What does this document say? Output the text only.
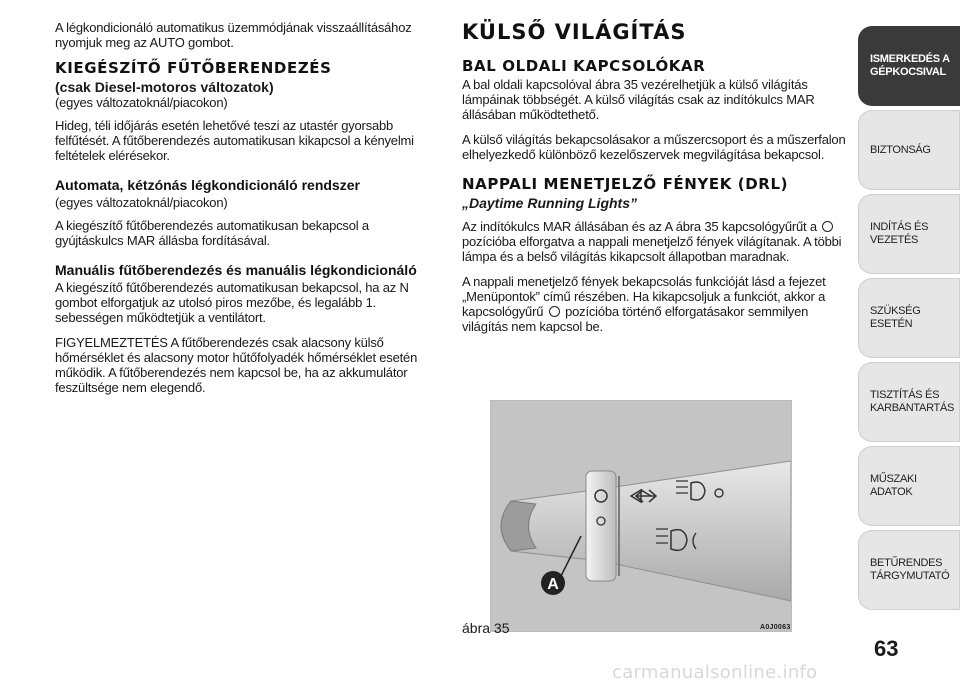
A légkondicionáló automatikus üzemmódjának visszaállításához nyomjuk meg az AUTO gombot.

KIEGÉSZÍTŐ FŰTŐBERENDEZÉS
(csak Diesel-motoros változatok)

(egyes változatoknál/piacokon)

Hideg, téli időjárás esetén lehetővé teszi az utastér gyorsabb felfűtését. A fűtőberendezés automatikusan kikapcsol a kényelmi feltételek elérésekor.

Automata, kétzónás légkondicionáló rendszer

(egyes változatoknál/piacokon)

A kiegészítő fűtőberendezés automatikusan bekapcsol a gyújtáskulcs MAR állásba fordításával.

Manuális fűtőberendezés és manuális légkondicionáló

A kiegészítő fűtőberendezés automatikusan bekapcsol, ha az N gombot elforgatjuk az utolsó piros mezőbe, és legalább 1. sebességen működtetjük a ventilátort.

FIGYELMEZTETÉS A fűtőberendezés csak alacsony külső hőmérséklet és alacsony motor hűtőfolyadék hőmérséklet esetén működik. A fűtőberendezés nem kapcsol be, ha az akkumulátor feszültsége nem elegendő.

KÜLSŐ VILÁGÍTÁS
BAL OLDALI KAPCSOLÓKAR

A bal oldali kapcsolóval ábra 35 vezérelhetjük a külső világítás lámpáinak többségét. A külső világítás csak az indítókulcs MAR állásában működtethető.

A külső világítás bekapcsolásakor a műszercsoport és a műszerfalon elhelyezkedő különböző kezelőszervek megvilágítása bekapcsol.

NAPPALI MENETJELZŐ FÉNYEK (DRL)
„Daytime Running Lights”

Az indítókulcs MAR állásában és az A ábra 35 kapcsológyűrűt a  pozícióba elforgatva a nappali menetjelző fények világítanak. A többi lámpa és a belső világítás kikapcsolt állapotban maradnak.

A nappali menetjelző fények bekapcsolás funkcióját lásd a fejezet „Menüpontok” című részében. Ha kikapcsoljuk a funkciót, akkor a kapcsológyűrű pozícióba történő elforgatásakor semmilyen világítás nem kapcsol be.

A
ábra 35	A0J0063
ISMERKEDÉS A GÉPKOCSIVAL
BIZTONSÁG
INDÍTÁS ÉS VEZETÉS
SZÜKSÉG ESETÉN
TISZTÍTÁS ÉS KARBANTARTÁS
MŰSZAKI ADATOK
BETŰRENDES TÁRGYMUTATÓ
63
carmanualsonline.info
